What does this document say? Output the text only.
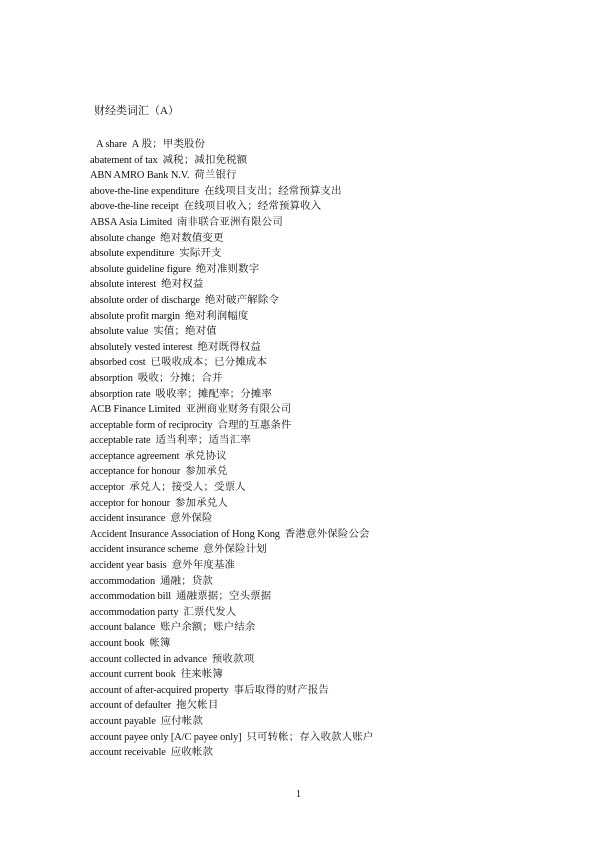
财经类词汇（A）
A share A 股；甲类股份
abatement of tax 减税；减扣免税额
ABN AMRO Bank N.V. 荷兰银行
above-the-line expenditure 在线项目支出；经常预算支出
above-the-line receipt 在线项目收入；经常预算收入
ABSA Asia Limited 南非联合亚洲有限公司
absolute change 绝对数值变更
absolute expenditure 实际开支
absolute guideline figure 绝对准则数字
absolute interest 绝对权益
absolute order of discharge 绝对破产解除令
absolute profit margin 绝对利润幅度
absolute value 实值；绝对值
absolutely vested interest 绝对既得权益
absorbed cost 已吸收成本；已分摊成本
absorption 吸收；分摊；合并
absorption rate 吸收率；摊配率；分摊率
ACB Finance Limited 亚洲商业财务有限公司
acceptable form of reciprocity 合理的互惠条件
acceptable rate 适当利率；适当汇率
acceptance agreement 承兑协议
acceptance for honour 参加承兑
acceptor 承兑人；接受人；受票人
acceptor for honour 参加承兑人
accident insurance 意外保险
Accident Insurance Association of Hong Kong 香港意外保险公会
accident insurance scheme 意外保险计划
accident year basis 意外年度基准
accommodation 通融；贷款
accommodation bill 通融票据；空头票据
accommodation party 汇票代发人
account balance 账户余额；账户结余
account book 帐簿
account collected in advance 预收款项
account current book 往来帐簿
account of after-acquired property 事后取得的财产报告
account of defaulter 拖欠帐目
account payable 应付帐款
account payee only [A/C payee only] 只可转帐；存入收款人账户
account receivable 应收帐款
1
